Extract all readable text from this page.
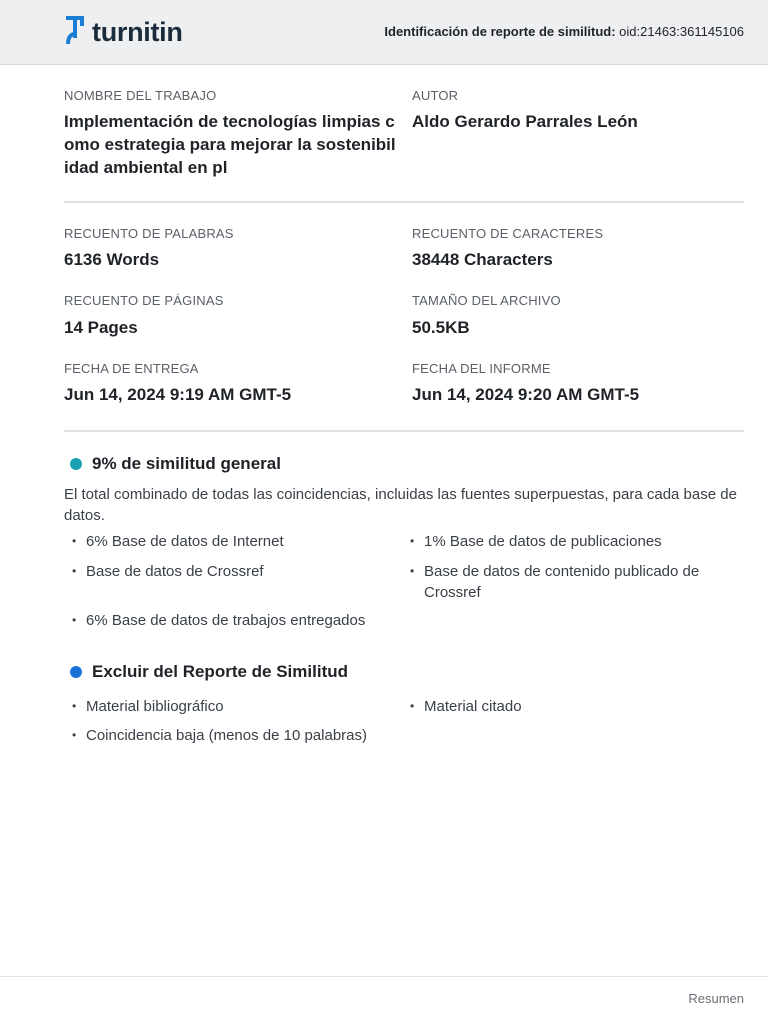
turnitin	Identificación de reporte de similitud: oid:21463:361145106
NOMBRE DEL TRABAJO
Implementación de tecnologías limpias c
omo estrategia para mejorar la sostenibil
idad ambiental en pl
AUTOR
Aldo Gerardo Parrales León
RECUENTO DE PALABRAS
6136 Words
RECUENTO DE CARACTERES
38448 Characters
RECUENTO DE PÁGINAS
14 Pages
TAMAÑO DEL ARCHIVO
50.5KB
FECHA DE ENTREGA
Jun 14, 2024 9:19 AM GMT-5
FECHA DEL INFORME
Jun 14, 2024 9:20 AM GMT-5
9% de similitud general
El total combinado de todas las coincidencias, incluidas las fuentes superpuestas, para cada base de datos.
• 6% Base de datos de Internet	• 1% Base de datos de publicaciones
• Base de datos de Crossref	• Base de datos de contenido publicado de Crossref
• 6% Base de datos de trabajos entregados
Excluir del Reporte de Similitud
• Material bibliográfico	• Material citado
• Coincidencia baja (menos de 10 palabras)
Resumen
